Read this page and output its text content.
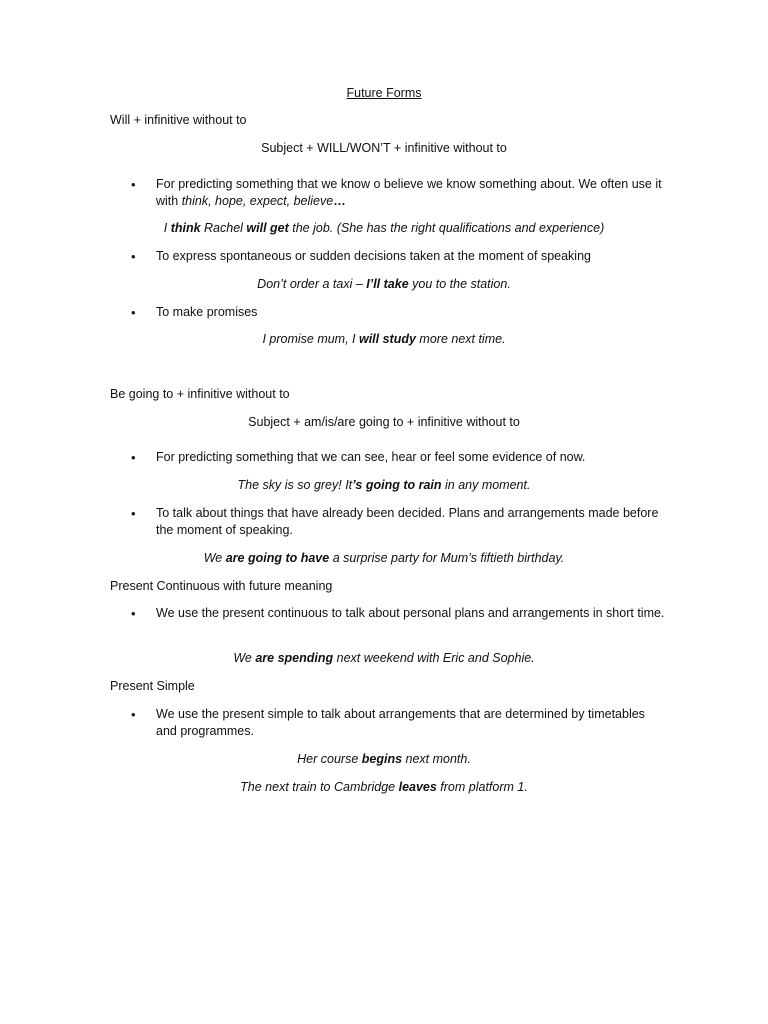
Future Forms
Will + infinitive without to
Subject + WILL/WON’T + infinitive without to
• For predicting something that we know o believe we know something about. We often use it with think, hope, expect, believe…
I think Rachel will get the job. (She has the right qualifications and experience)
• To express spontaneous or sudden decisions taken at the moment of speaking
Don’t order a taxi – I’ll take you to the station.
• To make promises
I promise mum, I will study more next time.
Be going to + infinitive without to
Subject + am/is/are going to + infinitive without to
• For predicting something that we can see, hear or feel some evidence of now.
The sky is so grey! It’s going to rain in any moment.
• To talk about things that have already been decided. Plans and arrangements made before the moment of speaking.
We are going to have a surprise party for Mum’s fiftieth birthday.
Present Continuous with future meaning
• We use the present continuous to talk about personal plans and arrangements in short time.
We are spending next weekend with Eric and Sophie.
Present Simple
• We use the present simple to talk about arrangements that are determined by timetables and programmes.
Her course begins next month.
The next train to Cambridge leaves from platform 1.
